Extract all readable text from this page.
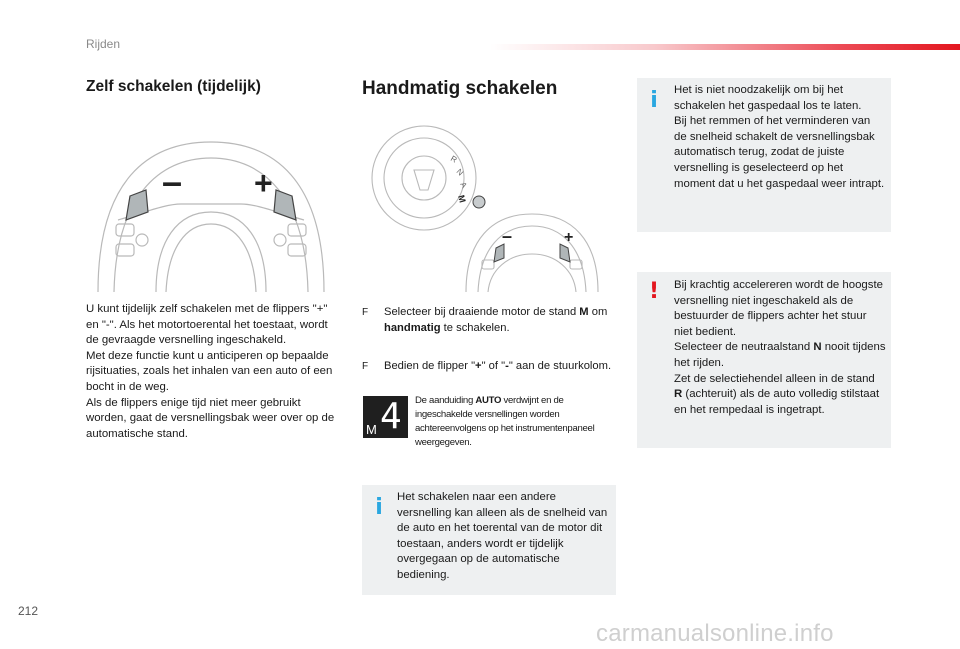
Rijden
Zelf schakelen (tijdelijk)
– +

U kunt tijdelijk zelf schakelen met de flippers "+" en "-". Als het motortoerental het toestaat, wordt de gevraagde versnelling ingeschakeld.

Met deze functie kunt u anticiperen op bepaalde rijsituaties, zoals het inhalen van een auto of een bocht in de weg.

Als de flippers enige tijd niet meer gebruikt worden, gaat de versnellingsbak weer over op de automatische stand.

Handmatig schakelen
R
N
A
M
–	+
F Selecteer bij draaiende motor de stand M om handmatig te schakelen.
F Bedien de flipper "+" of "-" aan de stuurkolom.
M 4 De aanduiding AUTO verdwijnt en de ingeschakelde versnellingen worden achtereenvolgens op het instrumentenpaneel weergegeven.
i Het schakelen naar een andere versnelling kan alleen als de snelheid van de auto en het toerental van de motor dit toestaan, anders wordt er tijdelijk overgegaan op de automatische bediening.

i Het is niet noodzakelijk om bij het schakelen het gaspedaal los te laten.

Bij het remmen of het verminderen van de snelheid schakelt de versnellingsbak automatisch terug, zodat de juiste versnelling is geselecteerd op het moment dat u het gaspedaal weer intrapt.

! Bij krachtig accelereren wordt de hoogste versnelling niet ingeschakeld als de bestuurder de flippers achter het stuur niet bedient.

Selecteer de neutraalstand N nooit tijdens het rijden.

Zet de selectiehendel alleen in de stand R (achteruit) als de auto volledig stilstaat en het rempedaal is ingetrapt.

212
carmanualsonline.info
